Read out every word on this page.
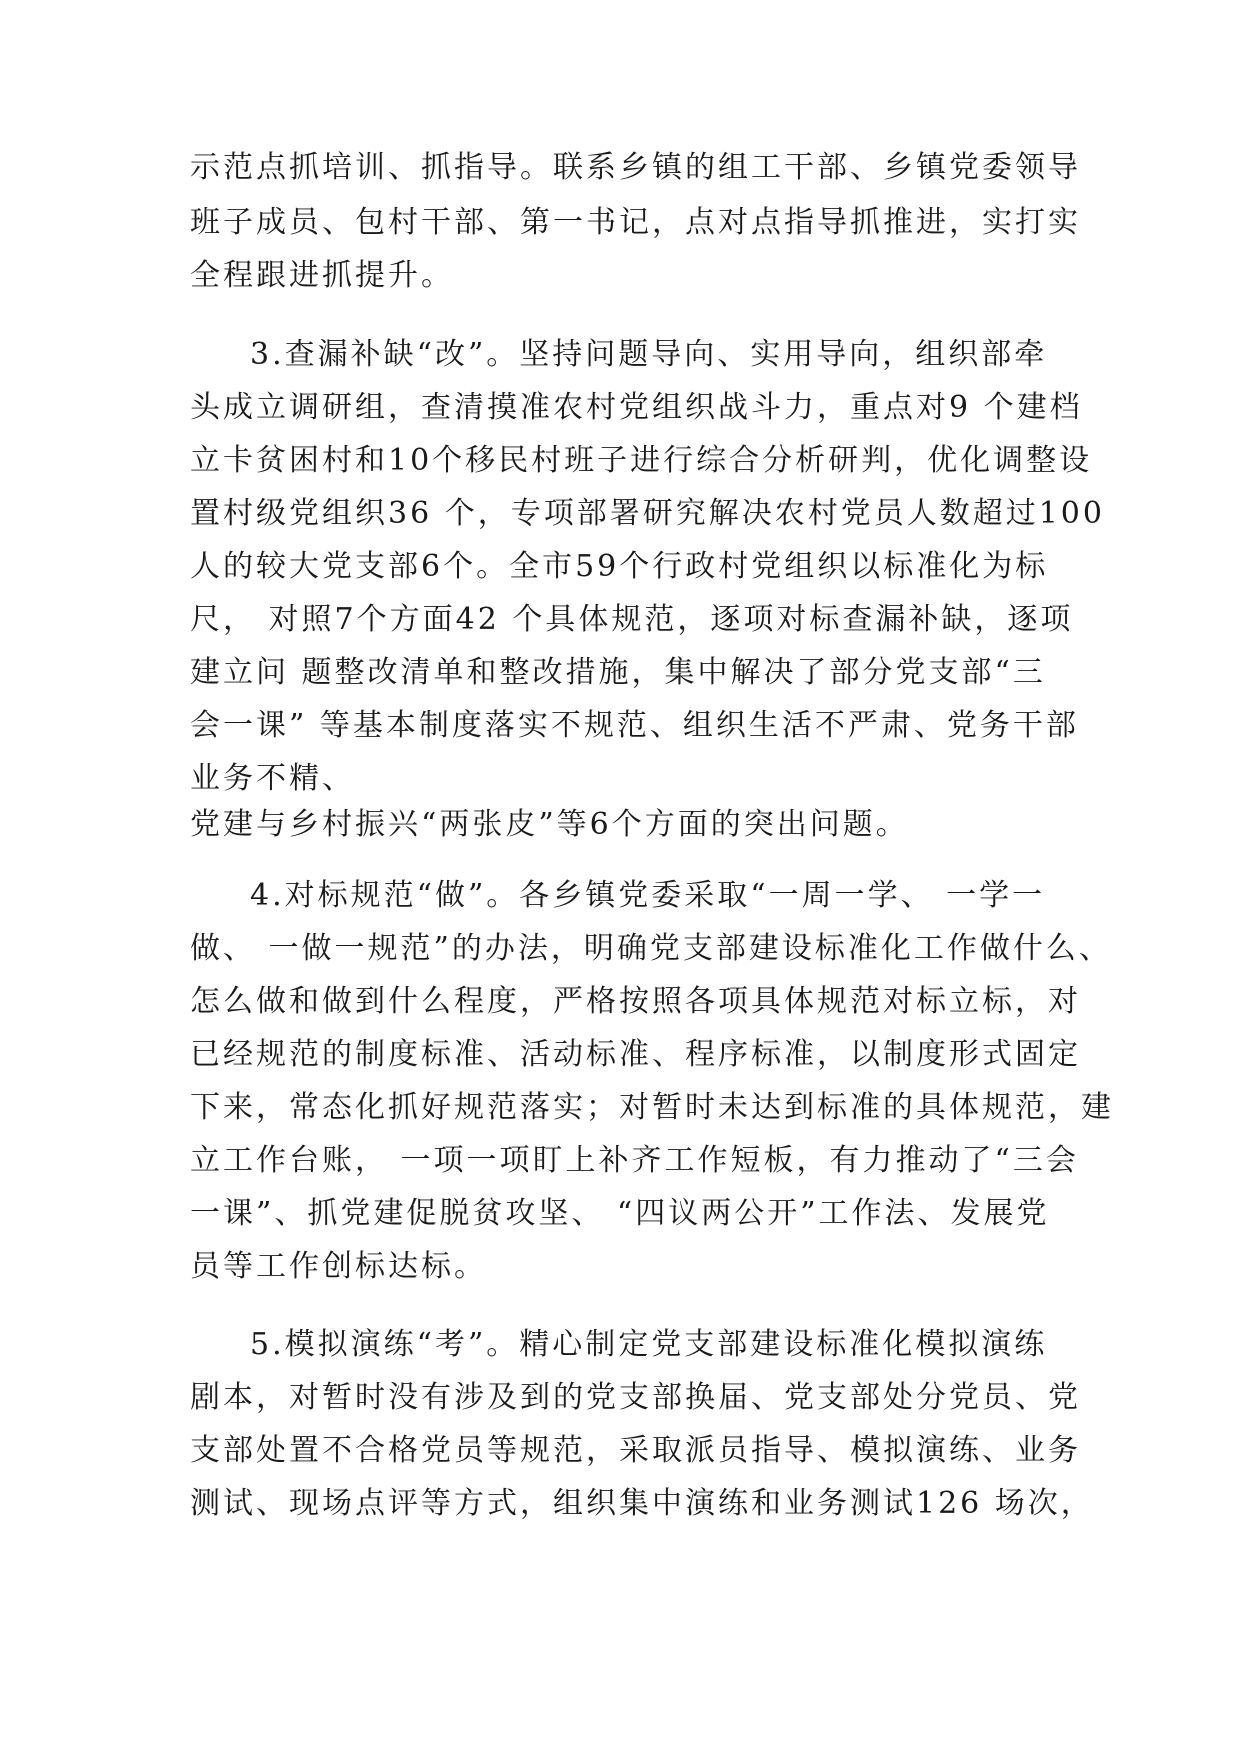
示范点抓培训、抓指导。联系乡镇的组工干部、乡镇党委领导
班子成员、包村干部、第一书记，点对点指导抓推进，实打实
全程跟进抓提升。
3.查漏补缺“改”。坚持问题导向、实用导向，组织部牵
头成立调研组，查清摸准农村党组织战斗力，重点对9 个建档
立卡贫困村和10个移民村班子进行综合分析研判，优化调整设
置村级党组织36 个，专项部署研究解决农村党员人数超过100
人的较大党支部6个。全市59个行政村党组织以标准化为标
尺， 对照7个方面42 个具体规范，逐项对标查漏补缺，逐项
建立问 题整改清单和整改措施，集中解决了部分党支部“三
会一课” 等基本制度落实不规范、组织生活不严肃、党务干部
业务不精、
党建与乡村振兴“两张皮”等6个方面的突出问题。
4.对标规范“做”。各乡镇党委采取“一周一学、 一学一
做、 一做一规范”的办法，明确党支部建设标准化工作做什么、
怎么做和做到什么程度，严格按照各项具体规范对标立标，对
已经规范的制度标准、活动标准、程序标准，以制度形式固定
下来，常态化抓好规范落实；对暂时未达到标准的具体规范，建
立工作台账， 一项一项盯上补齐工作短板，有力推动了“三会
一课”、抓党建促脱贫攻坚、 “四议两公开”工作法、发展党
员等工作创标达标。
5.模拟演练“考”。精心制定党支部建设标准化模拟演练
剧本，对暂时没有涉及到的党支部换届、党支部处分党员、党
支部处置不合格党员等规范，采取派员指导、模拟演练、业务
测试、现场点评等方式，组织集中演练和业务测试126 场次，
